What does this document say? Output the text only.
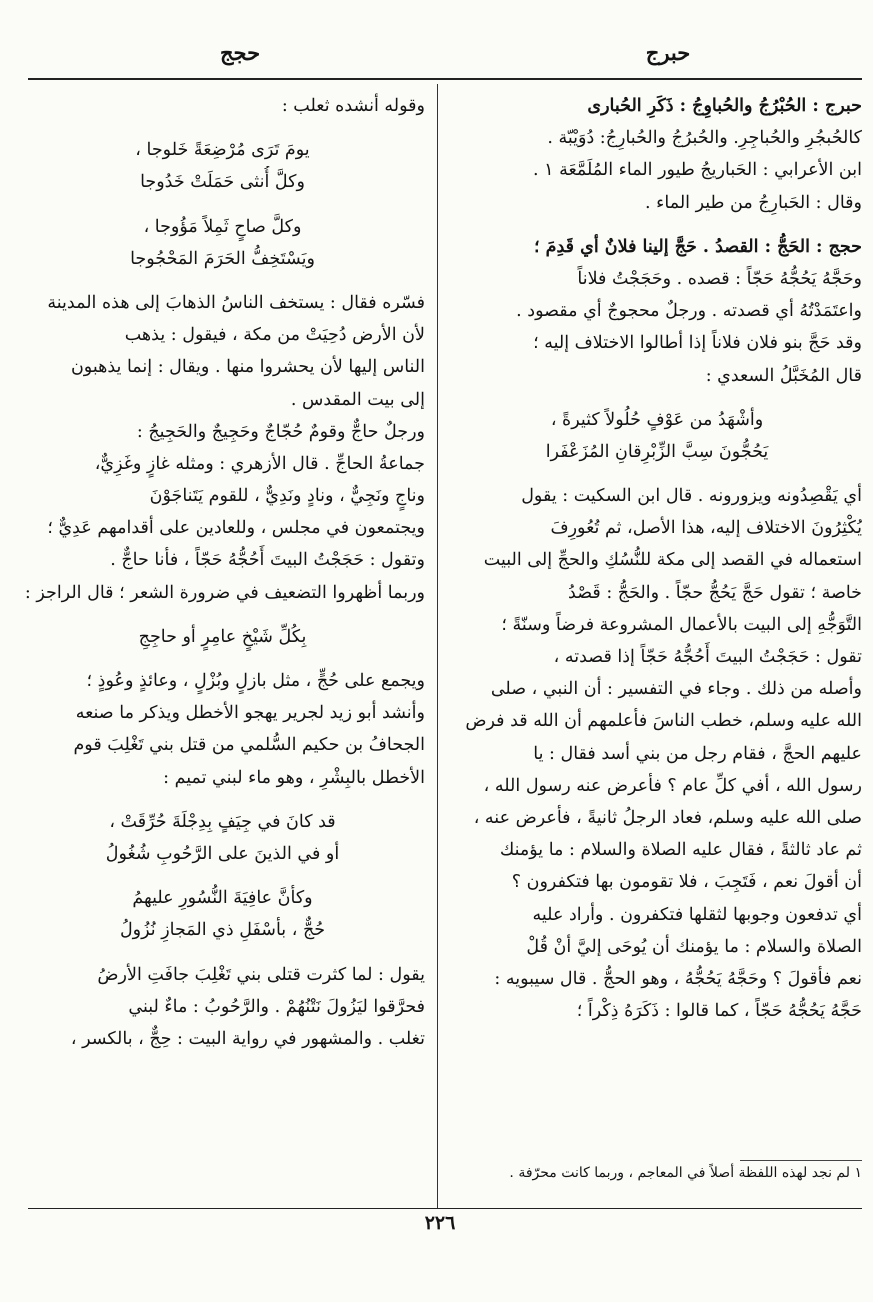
حبرج
حجج
حبرج : الحُبْرُجُ والحُباوِجُ : ذَكَرِ الحُبارى
كالحُبجُرِ والحُباجِرِ. والحُبرُجُ والحُبارِجُ: دُوَيْبّة .
ابن الأعرابي : الحَباريجُ طيور الماء المُلَمَّعَة ١ .
وقال : الحَبارِجُ من طير الماء .
حجج : الحَجُّ : القصدُ . حَجَّ إلينا فلانٌ أي قَدِمَ ؛
وحَجَّهُ يَحُجُّهُ حَجّاً : قصده . وحَجَجْتُ فلاناً
واعتَمَدْتُهُ أي قصدته . ورجلٌ محجوجٌ أي مقصود .
وقد حَجَّ بنو فلان فلاناً إذا أطالوا الاختلاف إليه ؛
قال المُخَبَّلُ السعدي :
وأشْهَدُ من عَوْفٍ حُلُولاً كثيرةً ،
يَحُجُّونَ سِبَّ الزِّبْرِقانِ المُزَعْفَرا
أي يَقْصِدُونه ويزورونه . قال ابن السكيت : يقول
يُكْثِرُونَ الاختلاف إليه، هذا الأصل، ثم تُعُورِفَ
استعماله في القصد إلى مكة للنُّسُكِ والحجِّ إلى البيت
خاصة ؛ تقول حَجَّ يَحُجُّ حجّاً . والحَجُّ : قَصْدُ
التَّوَجُّهِ إلى البيت بالأعمال المشروعة فرضاً وسنّةً ؛
تقول : حَجَجْتُ البيتَ أَحُجُّهُ حَجّاً إذا قصدته ،
وأصله من ذلك . وجاء في التفسير : أن النبي ، صلى
الله عليه وسلم، خطب الناسَ فأعلمهم أن الله قد فرض
عليهم الحجَّ ، فقام رجل من بني أسد فقال : يا
رسول الله ، أفي كلِّ عام ؟ فأعرض عنه رسول الله ،
صلى الله عليه وسلم، فعاد الرجلُ ثانيةً ، فأعرض عنه ،
ثم عاد ثالثةً ، فقال عليه الصلاة والسلام : ما يؤمنك
أن أقولَ نعم ، فَتَجِبَ ، فلا تقومون بها فتكفرون ؟
أي تدفعون وجوبها لثقلها فتكفرون . وأراد عليه
الصلاة والسلام : ما يؤمنك أن يُوحَى إليَّ أنْ قُلْ
نعم فأقولَ ؟ وحَجَّهُ يَحُجُّهُ ، وهو الحجُّ . قال سيبويه :
حَجَّهُ يَحُجُّهُ حَجّاً ، كما قالوا : ذَكَرَهُ ذِكْراً ؛
١ لم نجد لهذه اللفظة أصلاً في المعاجم ، وربما كانت محرّفة .
وقوله أنشده ثعلب :
يومَ تَرَى مُرْضِعَةً خَلوجا ،
وكلَّ أُنثى حَمَلَتْ خَدُوجا
وكلَّ صاحٍ ثَمِلاً مَؤُوجا ،
ويَسْتَخِفُّ الحَرَمَ المَحْجُوجا
فسّره فقال : يستخف الناسُ الذهابَ إلى هذه المدينة
لأن الأرض دُحِيَتْ من مكة ، فيقول : يذهب
الناس إليها لأن يحشروا منها . ويقال : إنما يذهبون
إلى بيت المقدس .
ورجلٌ حاجٌّ وقومٌ حُجّاجٌ وحَجِيجٌ والحَجِيجُ :
جماعةُ الحاجِّ . قال الأزهري : ومثله غازٍ وغَزِيٌّ،
وناجٍ ونَجِيٌّ ، ونادٍ ونَدِيٌّ ، للقوم يَتَناجَوْنَ
ويجتمعون في مجلس ، وللعادين على أقدامهم عَدِيٌّ ؛
وتقول : حَجَجْتُ البيتَ أَحُجُّهُ حَجّاً ، فأنا حاجٌّ .
وربما أظهروا التضعيف في ضرورة الشعر ؛ قال الراجز :
بِكُلِّ شَيْخٍ عامِرٍ أو حاجِجِ
ويجمع على حُجٍّ ، مثل بازلٍ وبُزْلٍ ، وعائذٍ وعُوذٍ ؛
وأنشد أبو زيد لجرير يهجو الأخطل ويذكر ما صنعه
الجحافُ بن حكيم السُّلمي من قتل بني تَغْلِبَ قوم
الأخطل بالبِشْرِ ، وهو ماء لبني تميم :
قد كانَ في جِيَفٍ بِدِجْلَةَ حُرِّقَتْ ،
أو في الذينَ على الرَّحُوبِ شُغُولُ
وكأنَّ عافِيَةَ النُّسُورِ عليهمُ
حُجٌّ ، بأسْفَلِ ذي المَجازِ نُزُولُ
يقول : لما كثرت قتلى بني تَغْلِبَ جافَتِ الأرضُ
فحرَّقوا ليَزُولَ نَتْنُهُمْ . والرَّحُوبُ : ماءٌ لبني
تغلب . والمشهور في رواية البيت : حِجٌّ ، بالكسر ،
٢٢٦
